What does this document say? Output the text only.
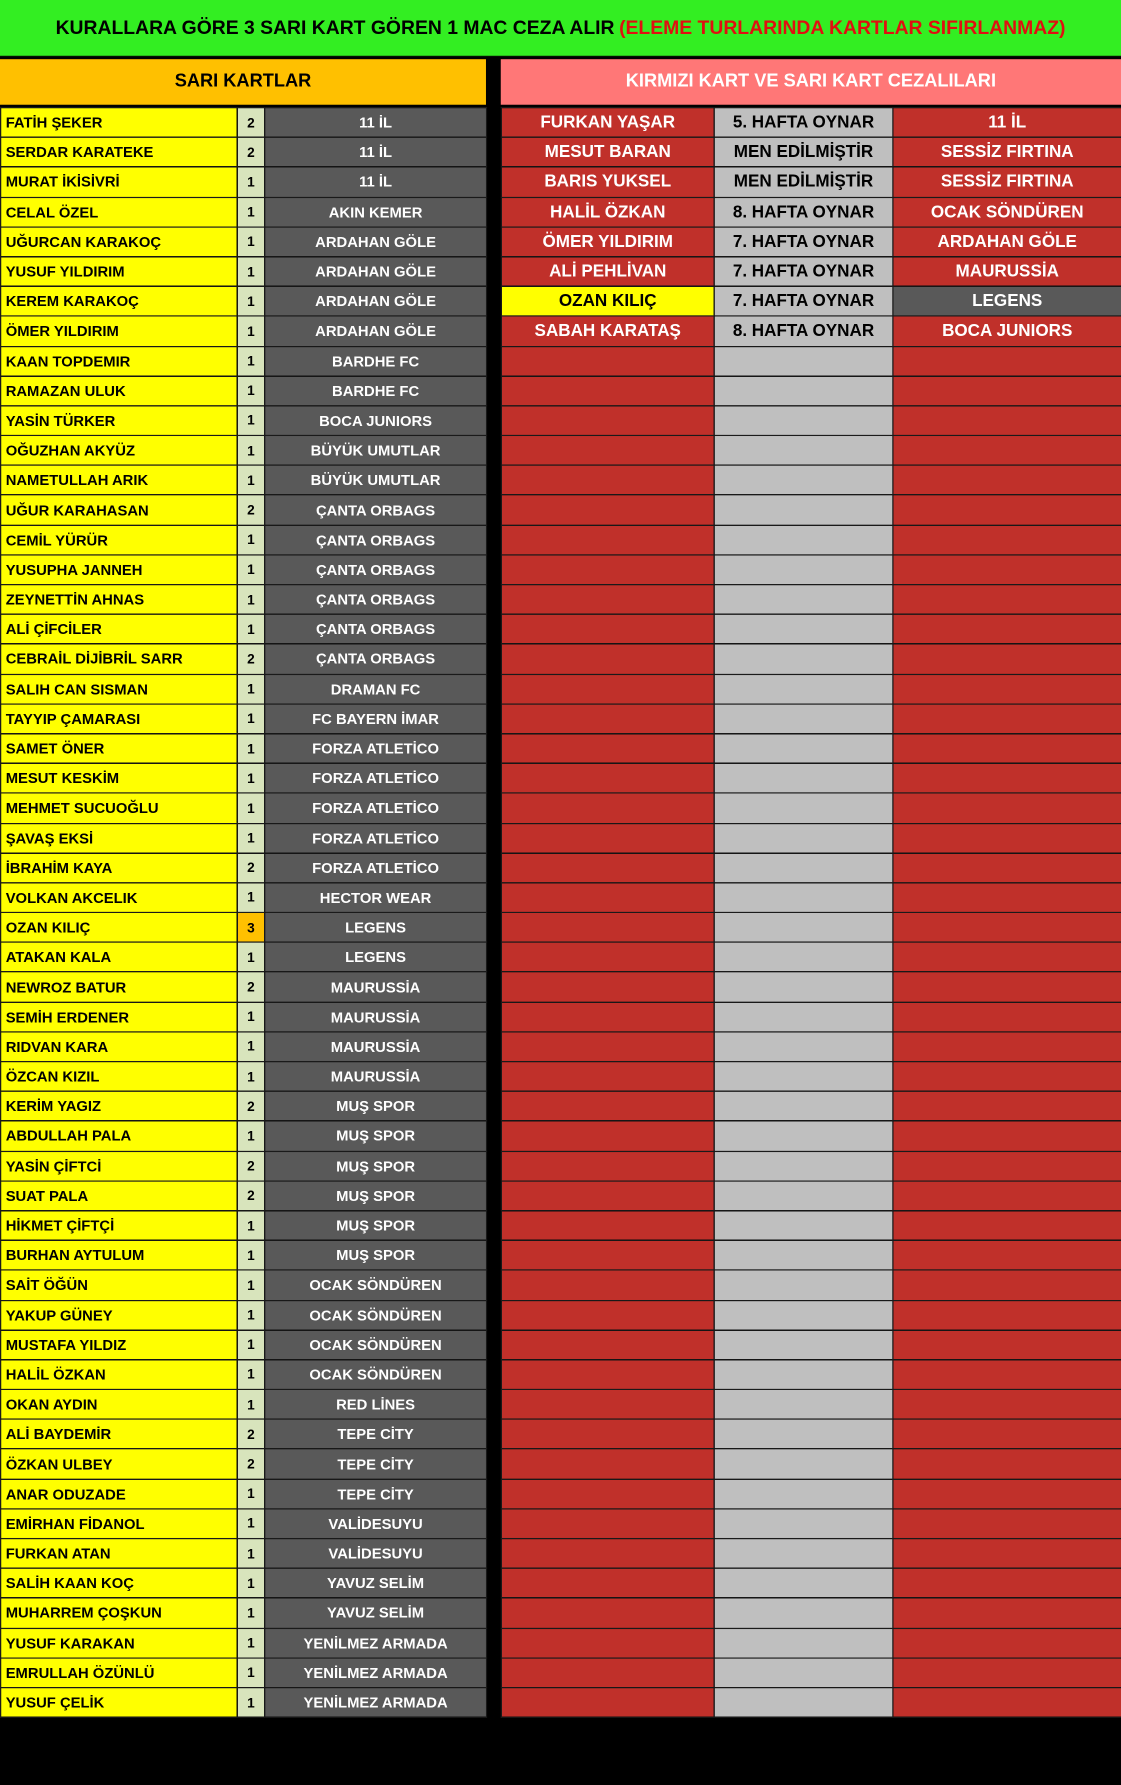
KURALLARA GÖRE 3 SARI KART GÖREN 1 MAC CEZA ALIR (ELEME TURLARINDA KARTLAR SIFIRLANMAZ)
SARI KARTLAR	KIRMIZI KART VE SARI KART CEZALILARI
FATİH ŞEKER	2	11 İL
SERDAR KARATEKE	2	11 İL
MURAT İKİSİVRİ	1	11 İL
CELAL ÖZEL	1	AKIN KEMER
UĞURCAN KARAKOÇ	1	ARDAHAN GÖLE
YUSUF YILDIRIM	1	ARDAHAN GÖLE
KEREM KARAKOÇ	1	ARDAHAN GÖLE
ÖMER YILDIRIM	1	ARDAHAN GÖLE
KAAN TOPDEMIR	1	BARDHE FC
RAMAZAN ULUK	1	BARDHE FC
YASİN TÜRKER	1	BOCA JUNIORS
OĞUZHAN AKYÜZ	1	BÜYÜK UMUTLAR
NAMETULLAH ARIK	1	BÜYÜK UMUTLAR
UĞUR KARAHASAN	2	ÇANTA ORBAGS
CEMİL YÜRÜR	1	ÇANTA ORBAGS
YUSUPHA JANNEH	1	ÇANTA ORBAGS
ZEYNETTİN AHNAS	1	ÇANTA ORBAGS
ALİ ÇİFCİLER	1	ÇANTA ORBAGS
CEBRAİL DİJİBRİL SARR	2	ÇANTA ORBAGS
SALIH CAN SISMAN	1	DRAMAN FC
TAYYIP ÇAMARASI	1	FC BAYERN İMAR
SAMET ÖNER	1	FORZA ATLETİCO
MESUT KESKİM	1	FORZA ATLETİCO
MEHMET SUCUOĞLU	1	FORZA ATLETİCO
ŞAVAŞ EKSİ	1	FORZA ATLETİCO
İBRAHİM KAYA	2	FORZA ATLETİCO
VOLKAN AKCELIK	1	HECTOR WEAR
OZAN KILIÇ	3	LEGENS
ATAKAN KALA	1	LEGENS
NEWROZ BATUR	2	MAURUSSİA
SEMİH ERDENER	1	MAURUSSİA
RIDVAN KARA	1	MAURUSSİA
ÖZCAN KIZIL	1	MAURUSSİA
KERİM YAGIZ	2	MUŞ SPOR
ABDULLAH PALA	1	MUŞ SPOR
YASİN ÇİFTCİ	2	MUŞ SPOR
SUAT PALA	2	MUŞ SPOR
HİKMET ÇİFTÇİ	1	MUŞ SPOR
BURHAN AYTULUM	1	MUŞ SPOR
SAİT ÖĞÜN	1	OCAK SÖNDÜREN
YAKUP GÜNEY	1	OCAK SÖNDÜREN
MUSTAFA YILDIZ	1	OCAK SÖNDÜREN
HALİL ÖZKAN	1	OCAK SÖNDÜREN
OKAN AYDIN	1	RED LİNES
ALİ BAYDEMİR	2	TEPE CİTY
ÖZKAN ULBEY	2	TEPE CİTY
ANAR ODUZADE	1	TEPE CİTY
EMİRHAN FİDANOL	1	VALİDESUYU
FURKAN ATAN	1	VALİDESUYU
SALİH KAAN KOÇ	1	YAVUZ SELİM
MUHARREM ÇOŞKUN	1	YAVUZ SELİM
YUSUF KARAKAN	1	YENİLMEZ ARMADA
EMRULLAH ÖZÜNLÜ	1	YENİLMEZ ARMADA
YUSUF ÇELİK	1	YENİLMEZ ARMADA
FURKAN YAŞAR	5. HAFTA OYNAR	11 İL
MESUT BARAN	MEN EDİLMİŞTİR	SESSİZ FIRTINA
BARIS YUKSEL	MEN EDİLMİŞTİR	SESSİZ FIRTINA
HALİL ÖZKAN	8. HAFTA OYNAR	OCAK SÖNDÜREN
ÖMER YILDIRIM	7. HAFTA OYNAR	ARDAHAN GÖLE
ALİ PEHLİVAN	7. HAFTA OYNAR	MAURUSSİA
OZAN KILIÇ	7. HAFTA OYNAR	LEGENS
SABAH KARATAŞ	8. HAFTA OYNAR	BOCA JUNIORS
